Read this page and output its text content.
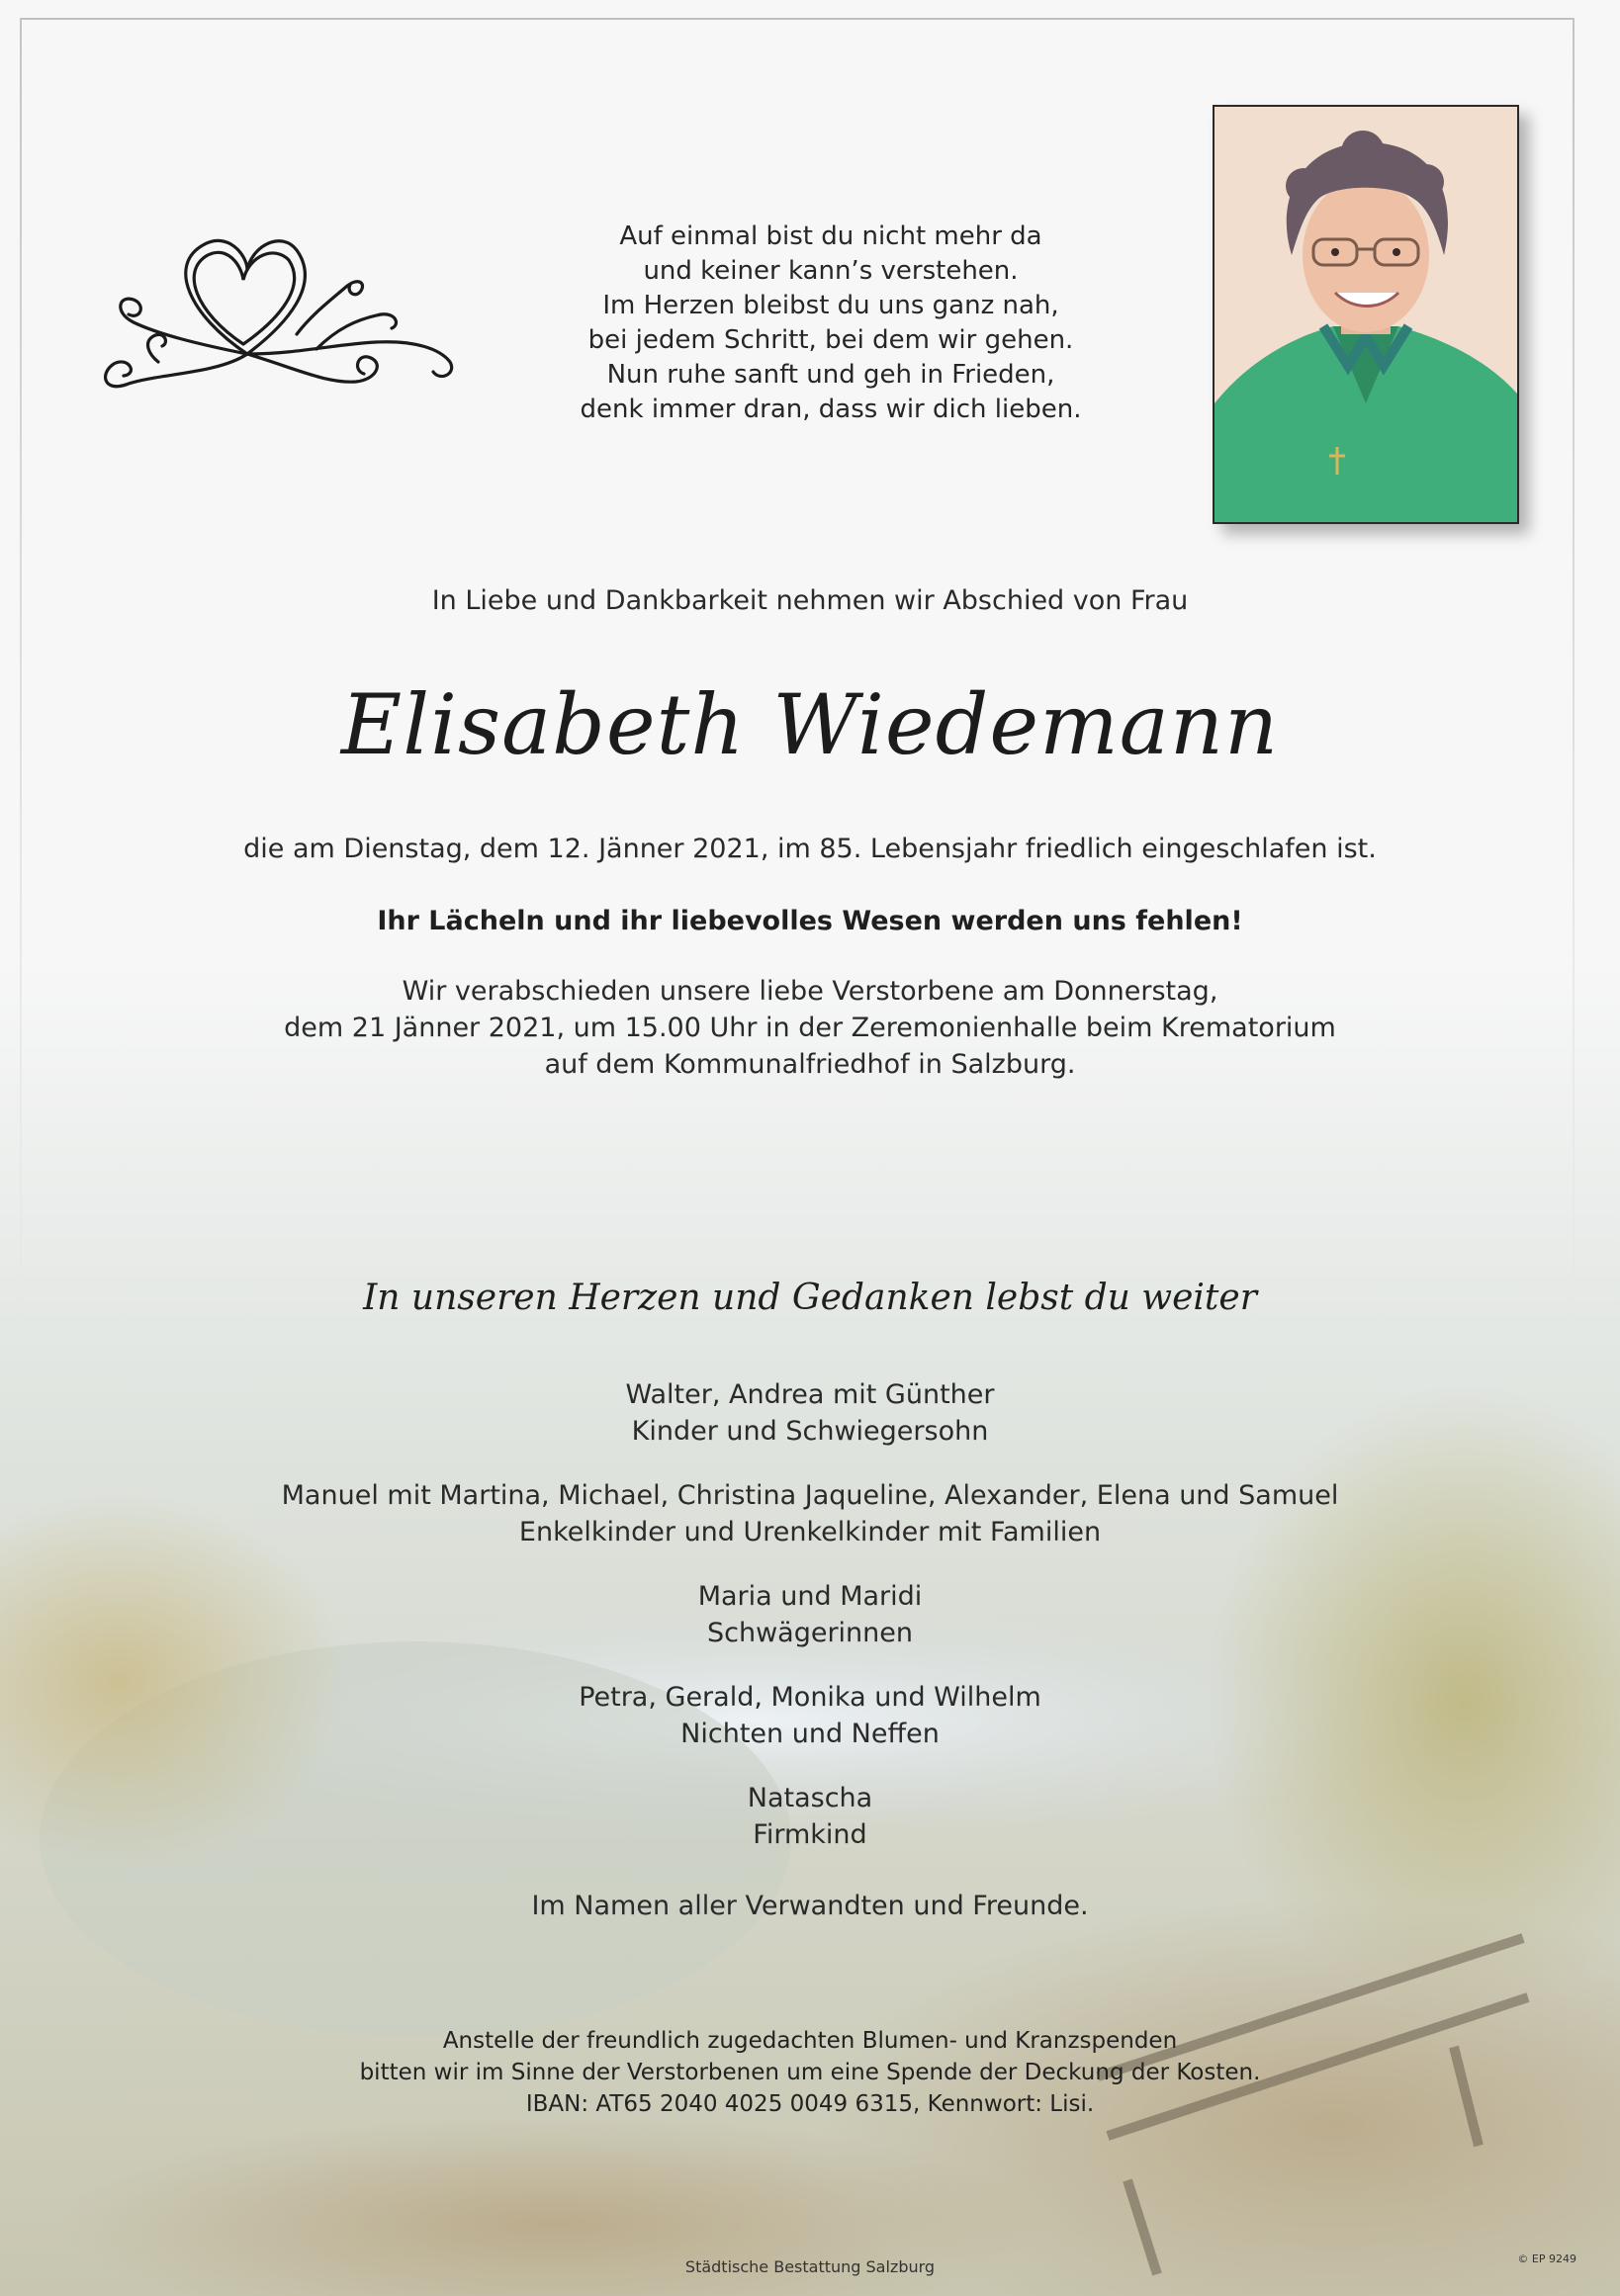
Auf einmal bist du nicht mehr da
und keiner kann’s verstehen.
Im Herzen bleibst du uns ganz nah,
bei jedem Schritt, bei dem wir gehen.
Nun ruhe sanft und geh in Frieden,
denk immer dran, dass wir dich lieben.
In Liebe und Dankbarkeit nehmen wir Abschied von Frau
Elisabeth Wiedemann
die am Dienstag, dem 12. Jänner 2021, im 85. Lebensjahr friedlich eingeschlafen ist.
Ihr Lächeln und ihr liebevolles Wesen werden uns fehlen!
Wir verabschieden unsere liebe Verstorbene am Donnerstag,
dem 21 Jänner 2021, um 15.00 Uhr in der Zeremonienhalle beim Krematorium
auf dem Kommunalfriedhof in Salzburg.
In unseren Herzen und Gedanken lebst du weiter
Walter, Andrea mit Günther
Kinder und Schwiegersohn
Manuel mit Martina, Michael, Christina Jaqueline, Alexander, Elena und Samuel
Enkelkinder und Urenkelkinder mit Familien
Maria und Maridi
Schwägerinnen
Petra, Gerald, Monika und Wilhelm
Nichten und Neffen
Natascha
Firmkind
Im Namen aller Verwandten und Freunde.
Anstelle der freundlich zugedachten Blumen- und Kranzspenden
bitten wir im Sinne der Verstorbenen um eine Spende der Deckung der Kosten.
IBAN: AT65 2040 4025 0049 6315, Kennwort: Lisi.
Städtische Bestattung Salzburg	© EP 9249
